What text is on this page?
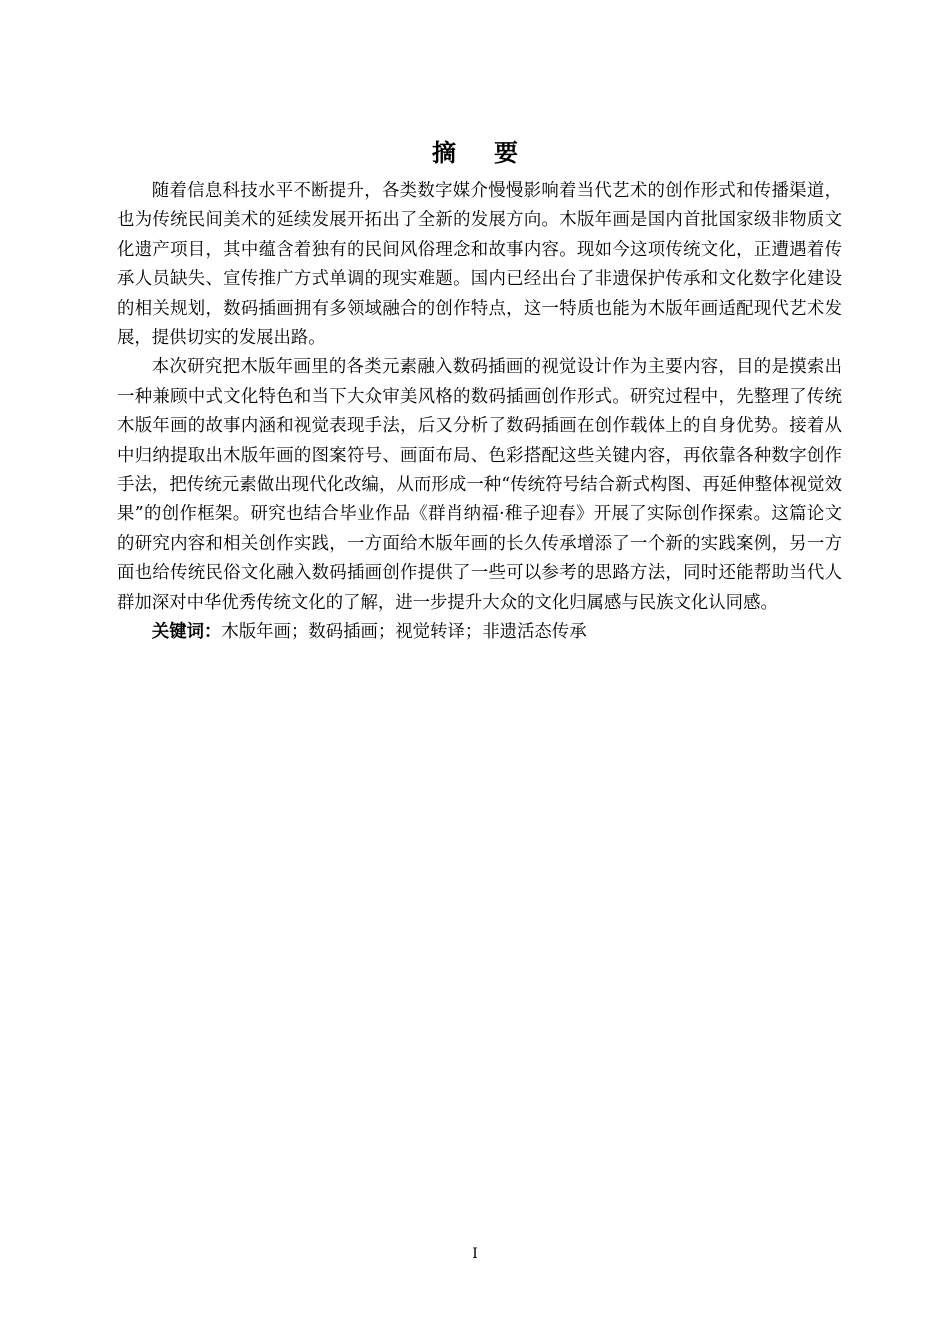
摘 要

随着信息科技水平不断提升，各类数字媒介慢慢影响着当代艺术的创作形式和传播渠道，也为传统民间美术的延续发展开拓出了全新的发展方向。木版年画是国内首批国家级非物质文化遗产项目，其中蕴含着独有的民间风俗理念和故事内容。现如今这项传统文化，正遭遇着传承人员缺失、宣传推广方式单调的现实难题。国内已经出台了非遗保护传承和文化数字化建设的相关规划，数码插画拥有多领域融合的创作特点，这一特质也能为木版年画适配现代艺术发展，提供切实的发展出路。

本次研究把木版年画里的各类元素融入数码插画的视觉设计作为主要内容，目的是摸索出一种兼顾中式文化特色和当下大众审美风格的数码插画创作形式。研究过程中，先整理了传统木版年画的故事内涵和视觉表现手法，后又分析了数码插画在创作载体上的自身优势。接着从中归纳提取出木版年画的图案符号、画面布局、色彩搭配这些关键内容，再依靠各种数字创作手法，把传统元素做出现代化改编，从而形成一种“传统符号结合新式构图、再延伸整体视觉效果”的创作框架。研究也结合毕业作品《群肖纳福·稚子迎春》开展了实际创作探索。这篇论文的研究内容和相关创作实践，一方面给木版年画的长久传承增添了一个新的实践案例，另一方面也给传统民俗文化融入数码插画创作提供了一些可以参考的思路方法，同时还能帮助当代人群加深对中华优秀传统文化的了解，进一步提升大众的文化归属感与民族文化认同感。

关键词：木版年画；数码插画；视觉转译；非遗活态传承

I
